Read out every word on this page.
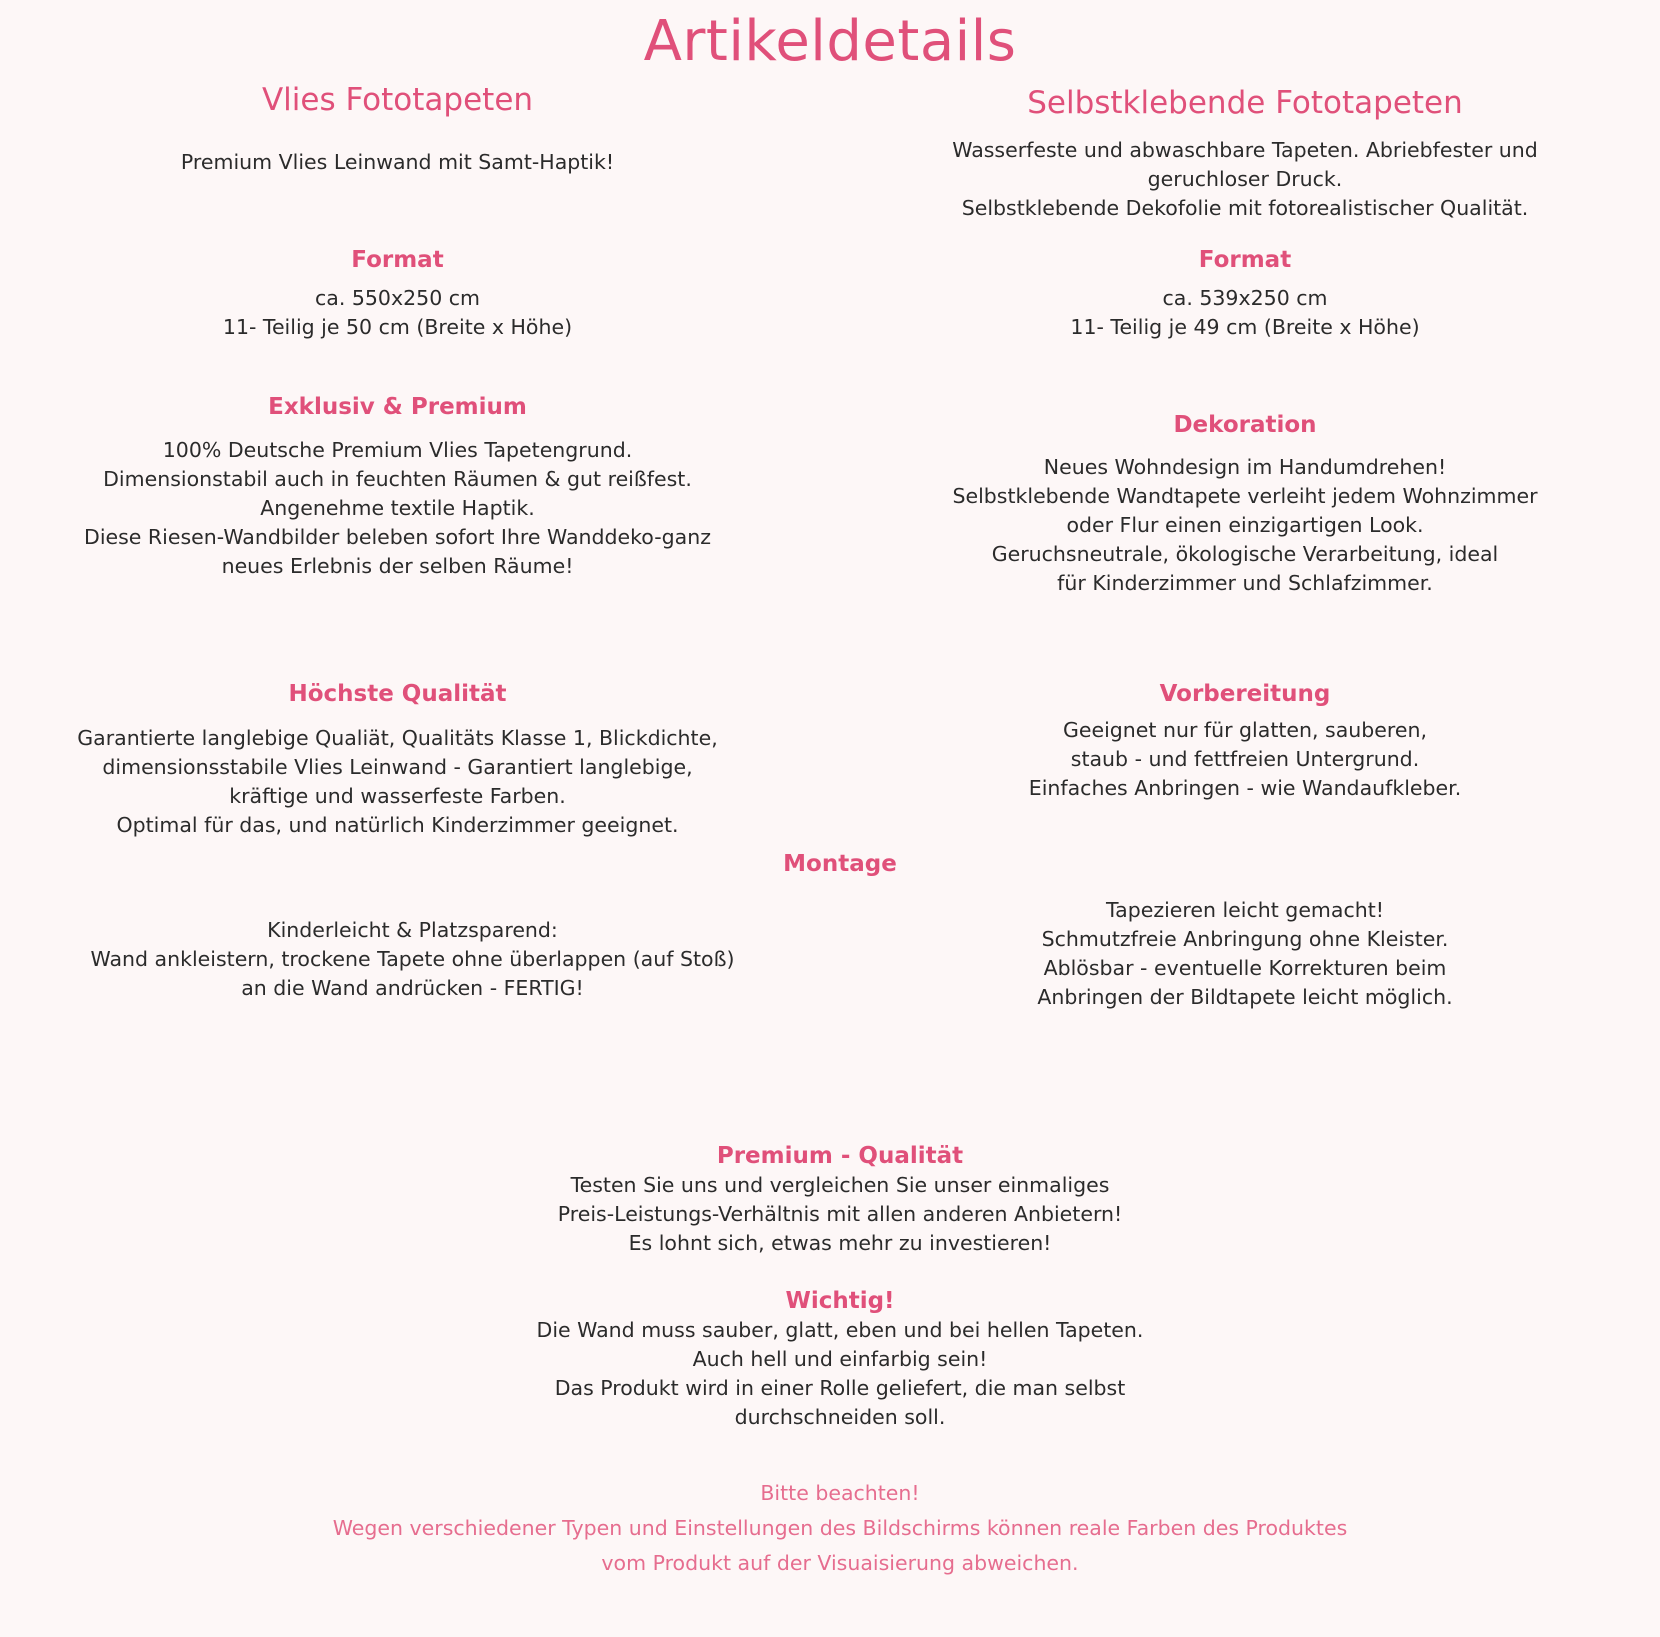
Artikeldetails
Vlies Fototapeten
Premium Vlies Leinwand mit Samt-Haptik!
Format
ca. 550x250 cm
11- Teilig je 50 cm (Breite x Höhe)
Exklusiv & Premium
100% Deutsche Premium Vlies Tapetengrund.
Dimensionstabil auch in feuchten Räumen & gut reißfest.
Angenehme textile Haptik.
Diese Riesen-Wandbilder beleben sofort Ihre Wanddeko-ganz
neues Erlebnis der selben Räume!
Höchste Qualität
Garantierte langlebige Qualiät, Qualitäts Klasse 1, Blickdichte,
dimensionsstabile Vlies Leinwand - Garantiert langlebige,
kräftige und wasserfeste Farben.
Optimal für das, und natürlich Kinderzimmer geeignet.
Kinderleicht & Platzsparend:
Wand ankleistern, trockene Tapete ohne überlappen (auf Stoß)
an die Wand andrücken - FERTIG!
Selbstklebende Fototapeten
Wasserfeste und abwaschbare Tapeten. Abriebfester und
geruchloser Druck.
Selbstklebende Dekofolie mit fotorealistischer Qualität.
Format
ca. 539x250 cm
11- Teilig je 49 cm (Breite x Höhe)
Dekoration
Neues Wohndesign im Handumdrehen!
Selbstklebende Wandtapete verleiht jedem Wohnzimmer
oder Flur einen einzigartigen Look.
Geruchsneutrale, ökologische Verarbeitung, ideal
für Kinderzimmer und Schlafzimmer.
Vorbereitung
Geeignet nur für glatten, sauberen,
staub - und fettfreien Untergrund.
Einfaches Anbringen - wie Wandaufkleber.
Tapezieren leicht gemacht!
Schmutzfreie Anbringung ohne Kleister.
Ablösbar - eventuelle Korrekturen beim
Anbringen der Bildtapete leicht möglich.
Montage
Premium - Qualität
Testen Sie uns und vergleichen Sie unser einmaliges
Preis-Leistungs-Verhältnis mit allen anderen Anbietern!
Es lohnt sich, etwas mehr zu investieren!
Wichtig!
Die Wand muss sauber, glatt, eben und bei hellen Tapeten.
Auch hell und einfarbig sein!
Das Produkt wird in einer Rolle geliefert, die man selbst
durchschneiden soll.
Bitte beachten!
Wegen verschiedener Typen und Einstellungen des Bildschirms können reale Farben des Produktes
vom Produkt auf der Visuaisierung abweichen.
